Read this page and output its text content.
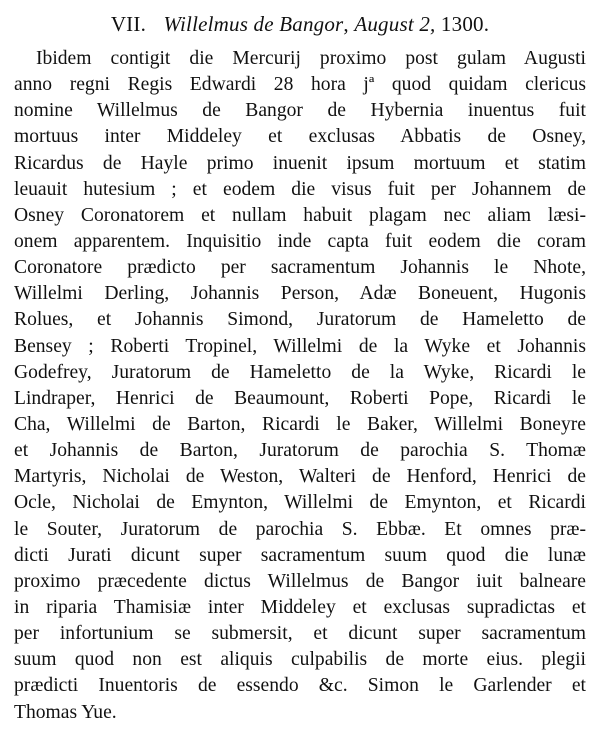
VII. Willelmus de Bangor, August 2, 1300.
Ibidem contigit die Mercurij proximo post gulam Augusti
anno regni Regis Edwardi 28 hora jª quod quidam clericus
nomine Willelmus de Bangor de Hybernia inuentus fuit
mortuus inter Middeley et exclusas Abbatis de Osney,
Ricardus de Hayle primo inuenit ipsum mortuum et statim
leuauit hutesium ; et eodem die visus fuit per Johannem de
Osney Coronatorem et nullam habuit plagam nec aliam læsi-
onem apparentem. Inquisitio inde capta fuit eodem die coram
Coronatore prædicto per sacramentum Johannis le Nhote,
Willelmi Derling, Johannis Person, Adæ Boneuent, Hugonis
Rolues, et Johannis Simond, Juratorum de Hameletto de
Bensey ; Roberti Tropinel, Willelmi de la Wyke et Johannis
Godefrey, Juratorum de Hameletto de la Wyke, Ricardi le
Lindraper, Henrici de Beaumount, Roberti Pope, Ricardi le
Cha, Willelmi de Barton, Ricardi le Baker, Willelmi Boneyre
et Johannis de Barton, Juratorum de parochia S. Thomæ
Martyris, Nicholai de Weston, Walteri de Henford, Henrici de
Ocle, Nicholai de Emynton, Willelmi de Emynton, et Ricardi
le Souter, Juratorum de parochia S. Ebbæ. Et omnes præ-
dicti Jurati dicunt super sacramentum suum quod die lunæ
proximo præcedente dictus Willelmus de Bangor iuit balneare
in riparia Thamisiæ inter Middeley et exclusas supradictas et
per infortunium se submersit, et dicunt super sacramentum
suum quod non est aliquis culpabilis de morte eius. plegii
prædicti Inuentoris de essendo &c. Simon le Garlender et
Thomas Yue.
